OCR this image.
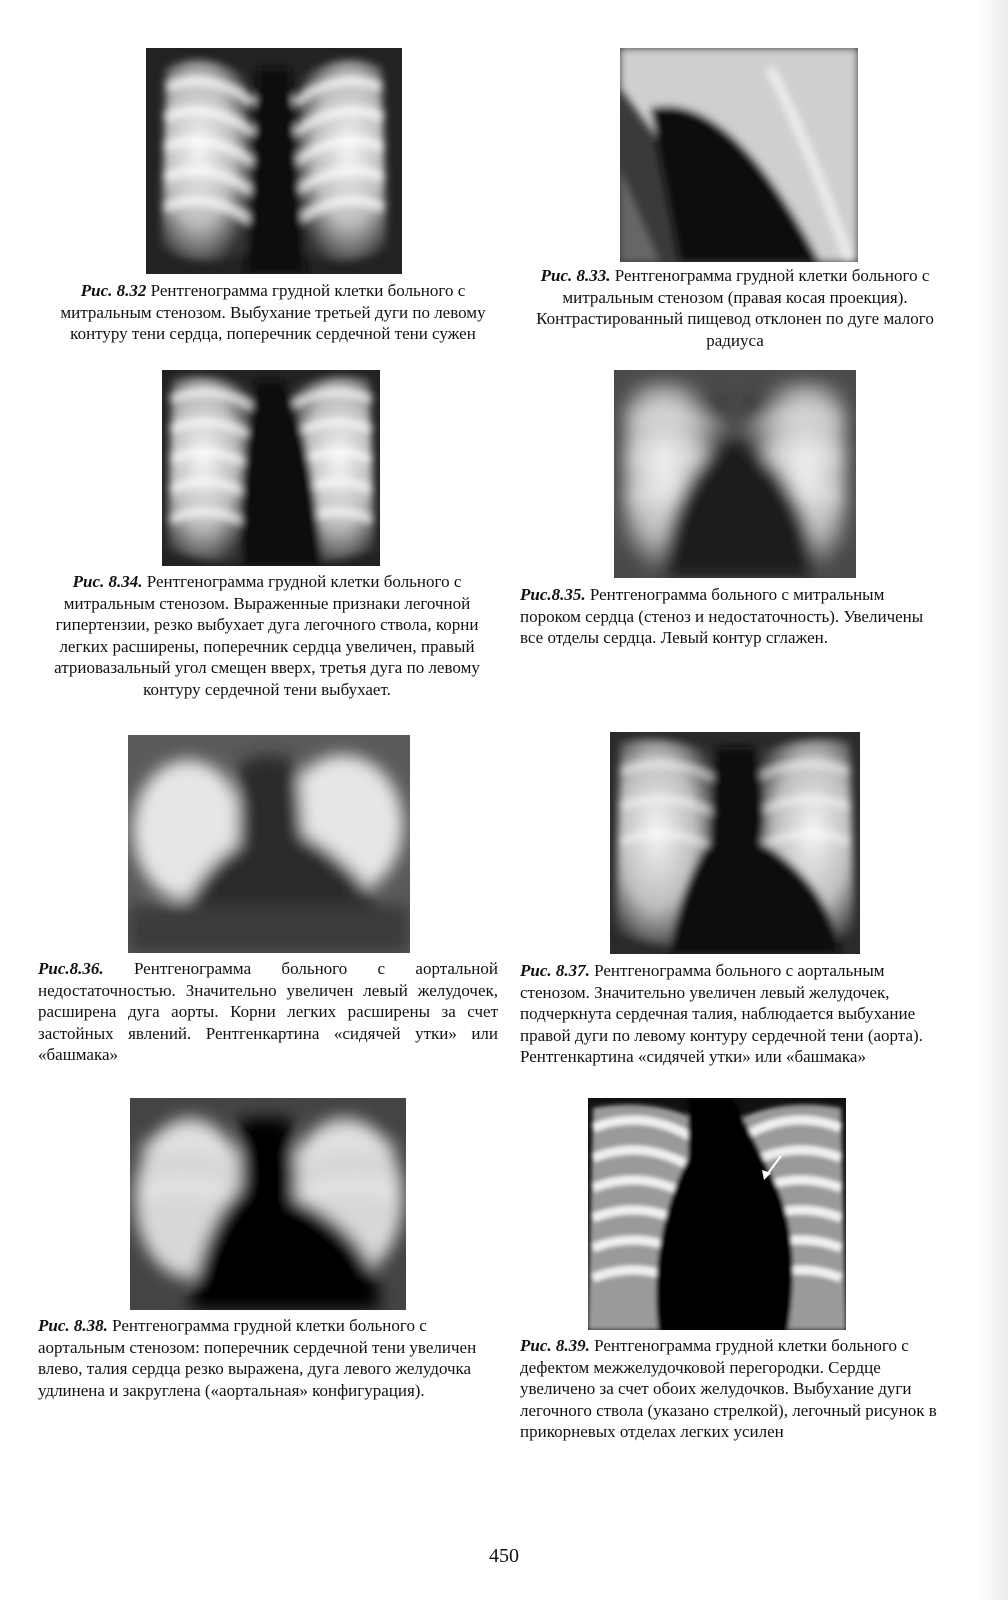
Рис. 8.32 Рентгенограмма грудной клетки больного с митральным стенозом. Выбухание третьей дуги по левому контуру тени сердца, поперечник сердечной тени сужен
Рис. 8.33. Рентгенограмма грудной клетки больного с митральным стенозом (правая косая проекция). Контрастированный пищевод отклонен по дуге малого радиуса
Рис. 8.34. Рентгенограмма грудной клетки больного с митральным стенозом. Выраженные признаки легочной гипертензии, резко выбухает дуга легочного ствола, корни легких расширены, поперечник сердца увеличен, правый атриовазальный угол смещен вверх, третья дуга по левому контуру сердечной тени выбухает.
Рис.8.35. Рентгенограмма больного с митральным пороком сердца (стеноз и недостаточность). Увеличены все отделы сердца. Левый контур сглажен.
Рис.8.36. Рентгенограмма больного с аортальной недостаточностью. Значительно увеличен левый желудочек, расширена дуга аорты. Корни легких расширены за счет застойных явлений. Рентгенкартина «сидячей утки» или «башмака»
Рис. 8.37. Рентгенограмма больного с аортальным стенозом. Значительно увеличен левый желудочек, подчеркнута сердечная талия, наблюдается выбухание правой дуги по левому контуру сердечной тени (аорта). Рентгенкартина «сидячей утки» или «башмака»
Рис. 8.38. Рентгенограмма грудной клетки больного с аортальным стенозом: поперечник сердечной тени увеличен влево, талия сердца резко выражена, дуга левого желудочка удлинена и закруглена («аортальная» конфигурация).
Рис. 8.39. Рентгенограмма грудной клетки больного с дефектом межжелудочковой перегородки. Сердце увеличено за счет обоих желудочков. Выбухание дуги легочного ствола (указано стрелкой), легочный рисунок в прикорневых отделах легких усилен
450
